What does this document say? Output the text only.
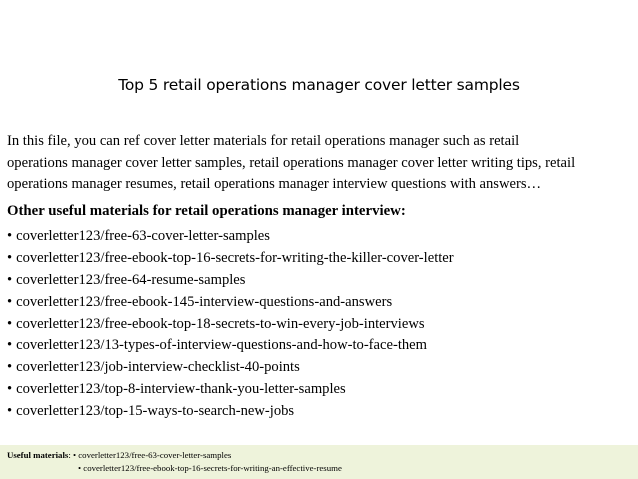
Top 5 retail operations manager cover letter samples
In this file, you can ref cover letter materials for retail operations manager such as retail
operations manager cover letter samples, retail operations manager cover letter writing tips, retail
operations manager resumes, retail operations manager interview questions with answers…
Other useful materials for retail operations manager interview:
• coverletter123/free-63-cover-letter-samples
• coverletter123/free-ebook-top-16-secrets-for-writing-the-killer-cover-letter
• coverletter123/free-64-resume-samples
• coverletter123/free-ebook-145-interview-questions-and-answers
• coverletter123/free-ebook-top-18-secrets-to-win-every-job-interviews
• coverletter123/13-types-of-interview-questions-and-how-to-face-them
• coverletter123/job-interview-checklist-40-points
• coverletter123/top-8-interview-thank-you-letter-samples
• coverletter123/top-15-ways-to-search-new-jobs
Useful materials: • coverletter123/free-63-cover-letter-samples
• coverletter123/free-ebook-top-16-secrets-for-writing-an-effective-resume
